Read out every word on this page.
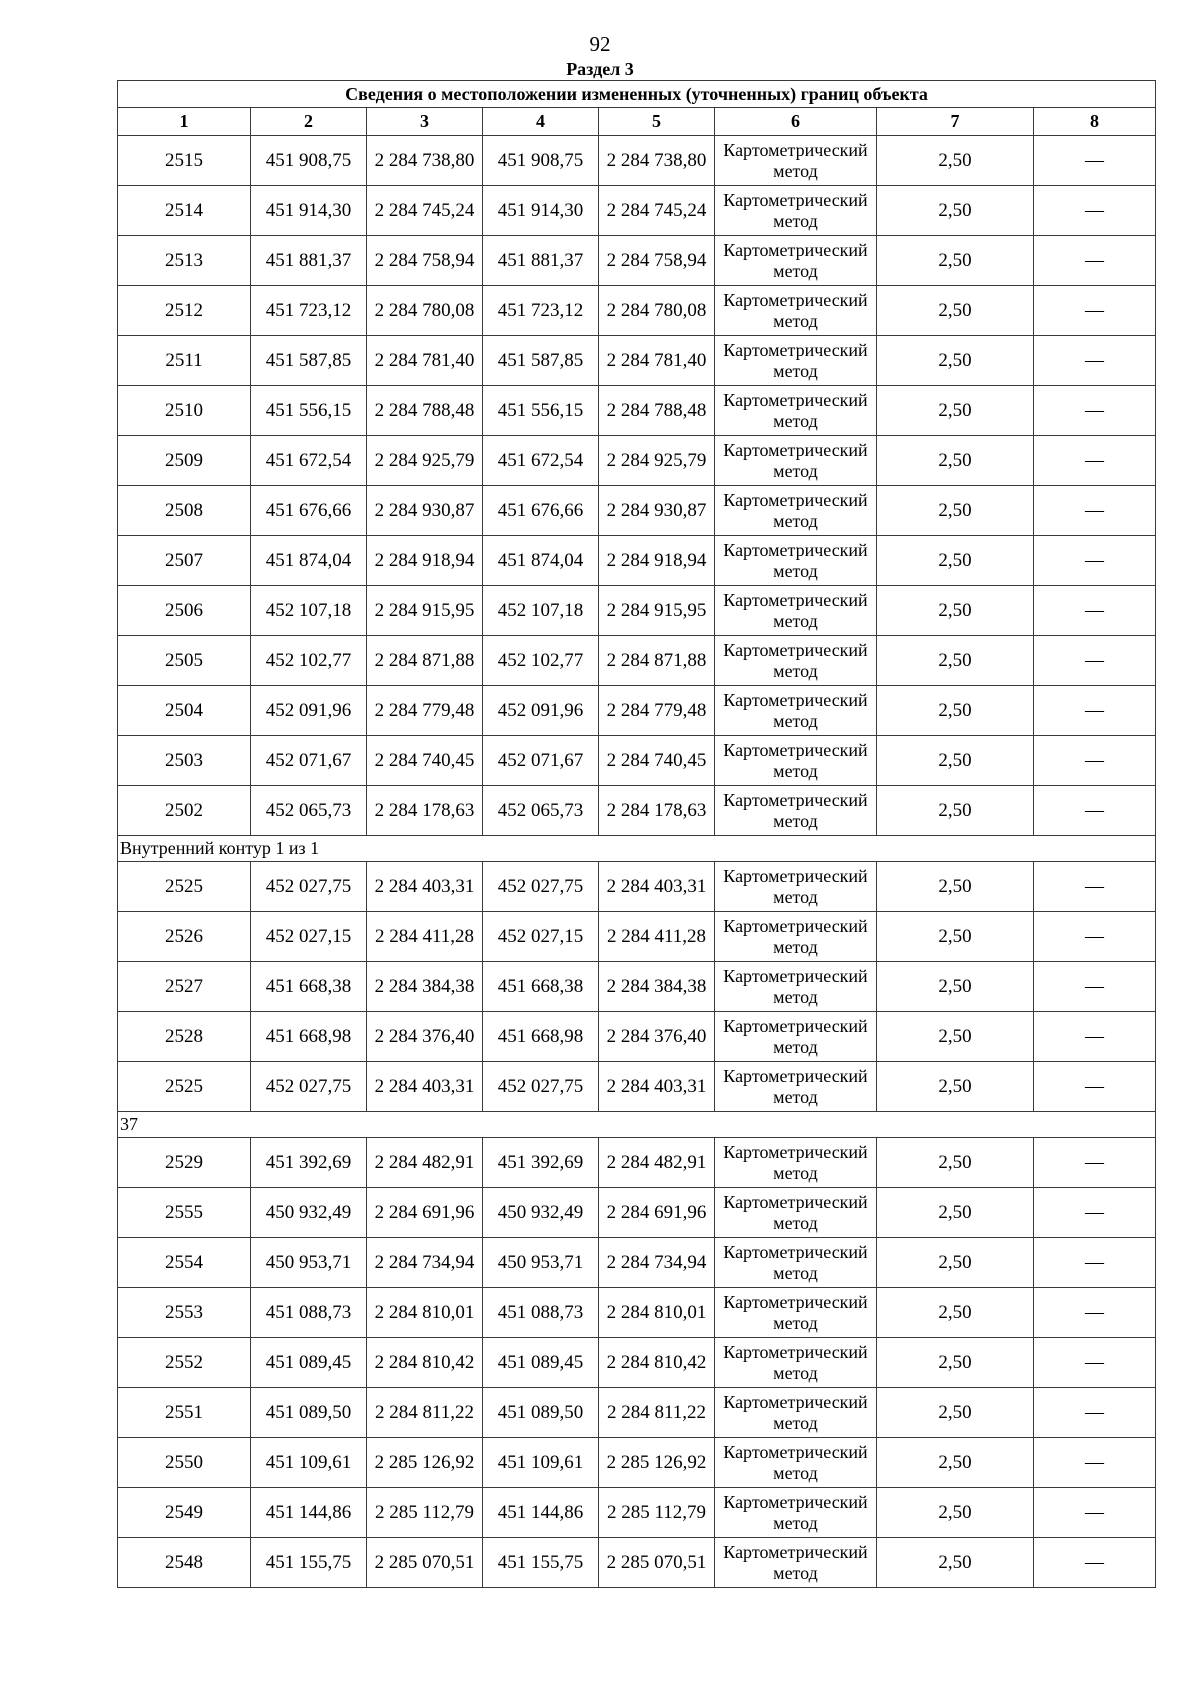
92
Раздел 3
Сведения о местоположении измененных (уточненных) границ объекта							
1	2	3	4	5	6	7	8
2515	451 908,75	2 284 738,80	451 908,75	2 284 738,80	Картометрический метод	2,50	—
2514	451 914,30	2 284 745,24	451 914,30	2 284 745,24	Картометрический метод	2,50	—
2513	451 881,37	2 284 758,94	451 881,37	2 284 758,94	Картометрический метод	2,50	—
2512	451 723,12	2 284 780,08	451 723,12	2 284 780,08	Картометрический метод	2,50	—
2511	451 587,85	2 284 781,40	451 587,85	2 284 781,40	Картометрический метод	2,50	—
2510	451 556,15	2 284 788,48	451 556,15	2 284 788,48	Картометрический метод	2,50	—
2509	451 672,54	2 284 925,79	451 672,54	2 284 925,79	Картометрический метод	2,50	—
2508	451 676,66	2 284 930,87	451 676,66	2 284 930,87	Картометрический метод	2,50	—
2507	451 874,04	2 284 918,94	451 874,04	2 284 918,94	Картометрический метод	2,50	—
2506	452 107,18	2 284 915,95	452 107,18	2 284 915,95	Картометрический метод	2,50	—
2505	452 102,77	2 284 871,88	452 102,77	2 284 871,88	Картометрический метод	2,50	—
2504	452 091,96	2 284 779,48	452 091,96	2 284 779,48	Картометрический метод	2,50	—
2503	452 071,67	2 284 740,45	452 071,67	2 284 740,45	Картометрический метод	2,50	—
2502	452 065,73	2 284 178,63	452 065,73	2 284 178,63	Картометрический метод	2,50	—
Внутренний контур 1 из 1							
2525	452 027,75	2 284 403,31	452 027,75	2 284 403,31	Картометрический метод	2,50	—
2526	452 027,15	2 284 411,28	452 027,15	2 284 411,28	Картометрический метод	2,50	—
2527	451 668,38	2 284 384,38	451 668,38	2 284 384,38	Картометрический метод	2,50	—
2528	451 668,98	2 284 376,40	451 668,98	2 284 376,40	Картометрический метод	2,50	—
2525	452 027,75	2 284 403,31	452 027,75	2 284 403,31	Картометрический метод	2,50	—
37							
2529	451 392,69	2 284 482,91	451 392,69	2 284 482,91	Картометрический метод	2,50	—
2555	450 932,49	2 284 691,96	450 932,49	2 284 691,96	Картометрический метод	2,50	—
2554	450 953,71	2 284 734,94	450 953,71	2 284 734,94	Картометрический метод	2,50	—
2553	451 088,73	2 284 810,01	451 088,73	2 284 810,01	Картометрический метод	2,50	—
2552	451 089,45	2 284 810,42	451 089,45	2 284 810,42	Картометрический метод	2,50	—
2551	451 089,50	2 284 811,22	451 089,50	2 284 811,22	Картометрический метод	2,50	—
2550	451 109,61	2 285 126,92	451 109,61	2 285 126,92	Картометрический метод	2,50	—
2549	451 144,86	2 285 112,79	451 144,86	2 285 112,79	Картометрический метод	2,50	—
2548	451 155,75	2 285 070,51	451 155,75	2 285 070,51	Картометрический метод	2,50	—
